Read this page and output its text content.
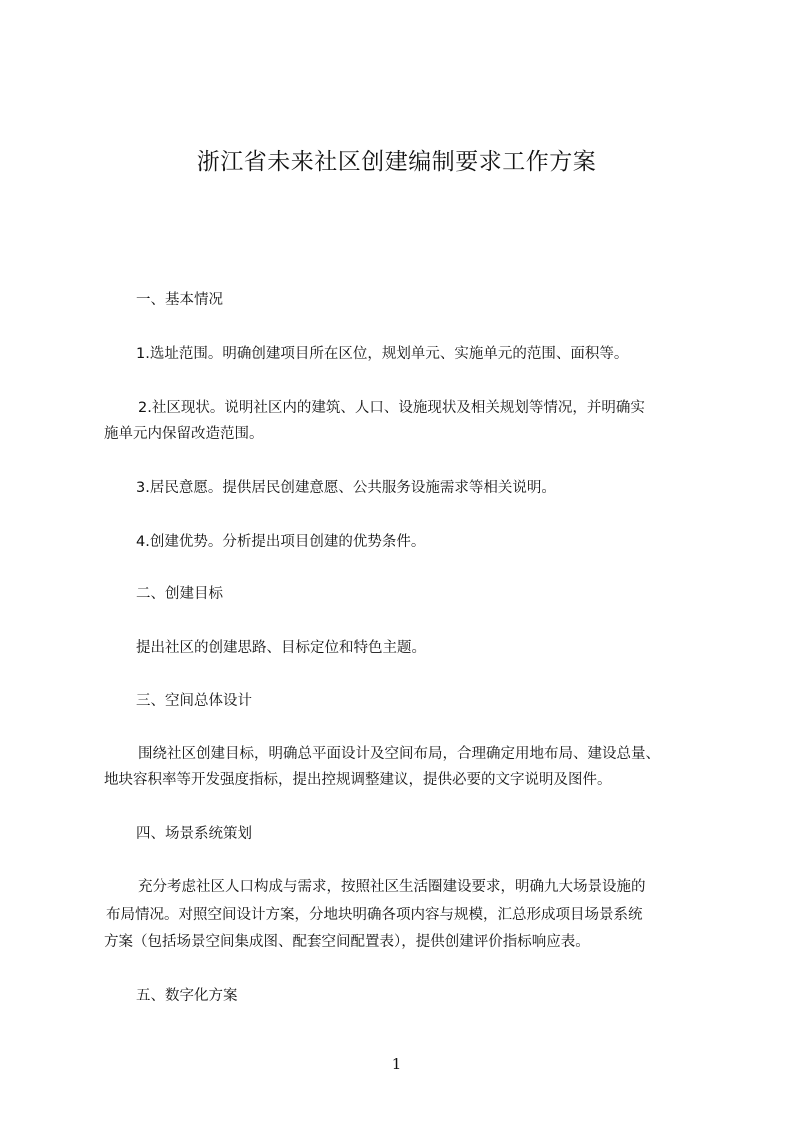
浙江省未来社区创建编制要求工作方案
一、基本情况
1.选址范围。明确创建项目所在区位，规划单元、实施单元的范围、面积等。
2.社区现状。说明社区内的建筑、人口、设施现状及相关规划等情况，并明确实
施单元内保留改造范围。
3.居民意愿。提供居民创建意愿、公共服务设施需求等相关说明。
4.创建优势。分析提出项目创建的优势条件。
二、创建目标
提出社区的创建思路、目标定位和特色主题。
三、空间总体设计
围绕社区创建目标，明确总平面设计及空间布局，合理确定用地布局、建设总量、
地块容积率等开发强度指标，提出控规调整建议，提供必要的文字说明及图件。
四、场景系统策划
充分考虑社区人口构成与需求，按照社区生活圈建设要求，明确九大场景设施的
布局情况。对照空间设计方案，分地块明确各项内容与规模，汇总形成项目场景系统
方案（包括场景空间集成图、配套空间配置表），提供创建评价指标响应表。
五、数字化方案
1
